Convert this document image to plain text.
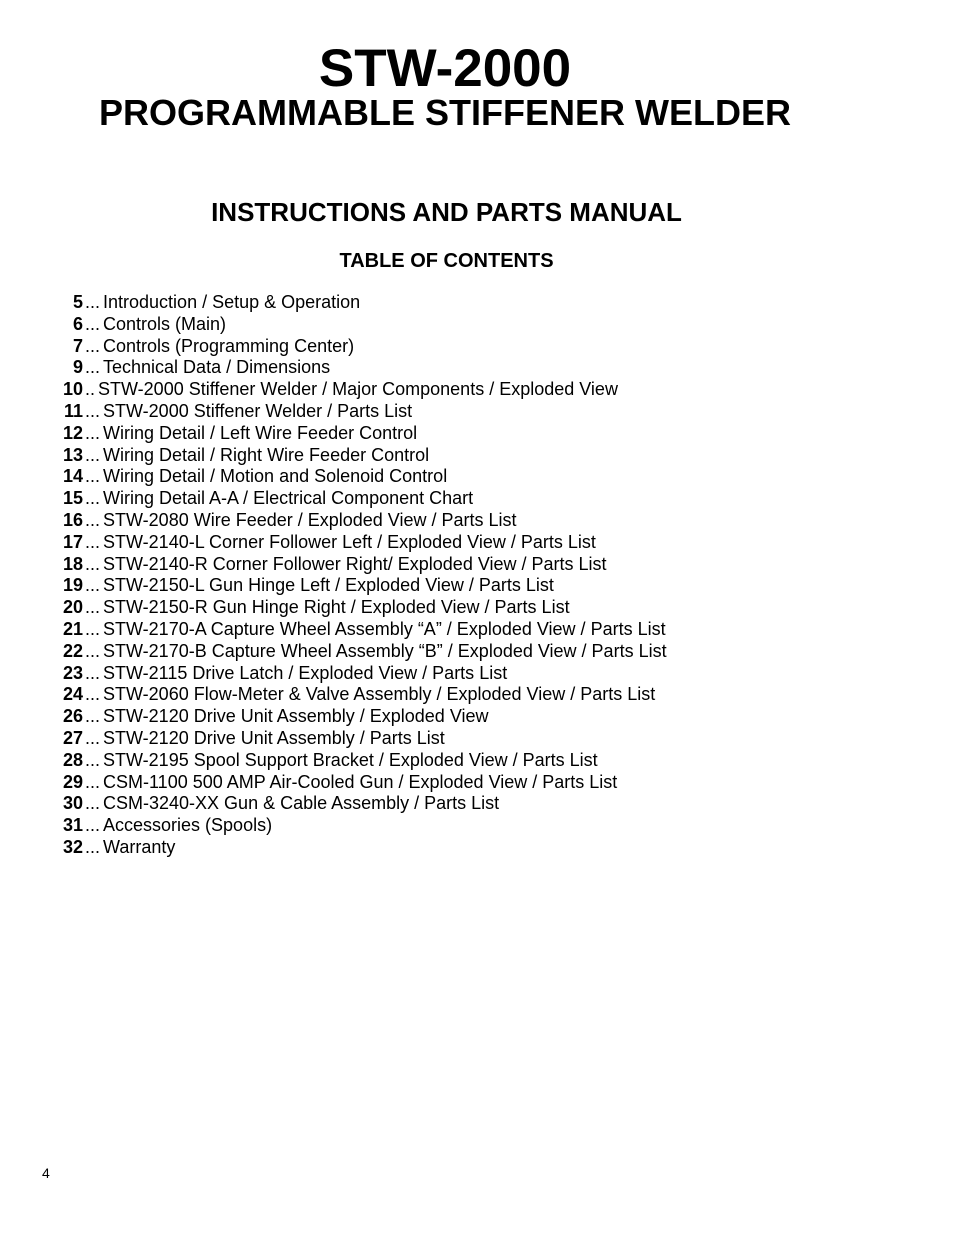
STW-2000
PROGRAMMABLE STIFFENER WELDER
INSTRUCTIONS AND PARTS MANUAL
TABLE OF CONTENTS
5 ... Introduction / Setup & Operation
6 ... Controls (Main)
7 ... Controls (Programming Center)
9 ... Technical Data / Dimensions
10 .. STW-2000 Stiffener Welder / Major Components / Exploded View
11 ... STW-2000 Stiffener Welder / Parts List
12 ... Wiring Detail / Left Wire Feeder Control
13 ... Wiring Detail / Right Wire Feeder Control
14 ... Wiring Detail / Motion and Solenoid Control
15 ... Wiring Detail A-A / Electrical Component Chart
16 ... STW-2080 Wire Feeder / Exploded View / Parts List
17 ... STW-2140-L Corner Follower Left / Exploded View / Parts List
18 ... STW-2140-R Corner Follower Right/ Exploded View / Parts List
19 ... STW-2150-L Gun Hinge Left / Exploded View / Parts List
20 ... STW-2150-R Gun Hinge Right / Exploded View / Parts List
21 ... STW-2170-A Capture Wheel Assembly “A” / Exploded View / Parts List
22 ... STW-2170-B Capture Wheel Assembly “B” / Exploded View / Parts List
23 ... STW-2115 Drive Latch / Exploded View / Parts List
24 ... STW-2060 Flow-Meter & Valve Assembly / Exploded View / Parts List
26 ... STW-2120 Drive Unit Assembly / Exploded View
27 ... STW-2120 Drive Unit Assembly / Parts List
28 ... STW-2195 Spool Support Bracket / Exploded View / Parts List
29 ... CSM-1100 500 AMP Air-Cooled Gun / Exploded View / Parts List
30 ... CSM-3240-XX Gun & Cable Assembly / Parts List
31 ... Accessories (Spools)
32 ... Warranty
4
